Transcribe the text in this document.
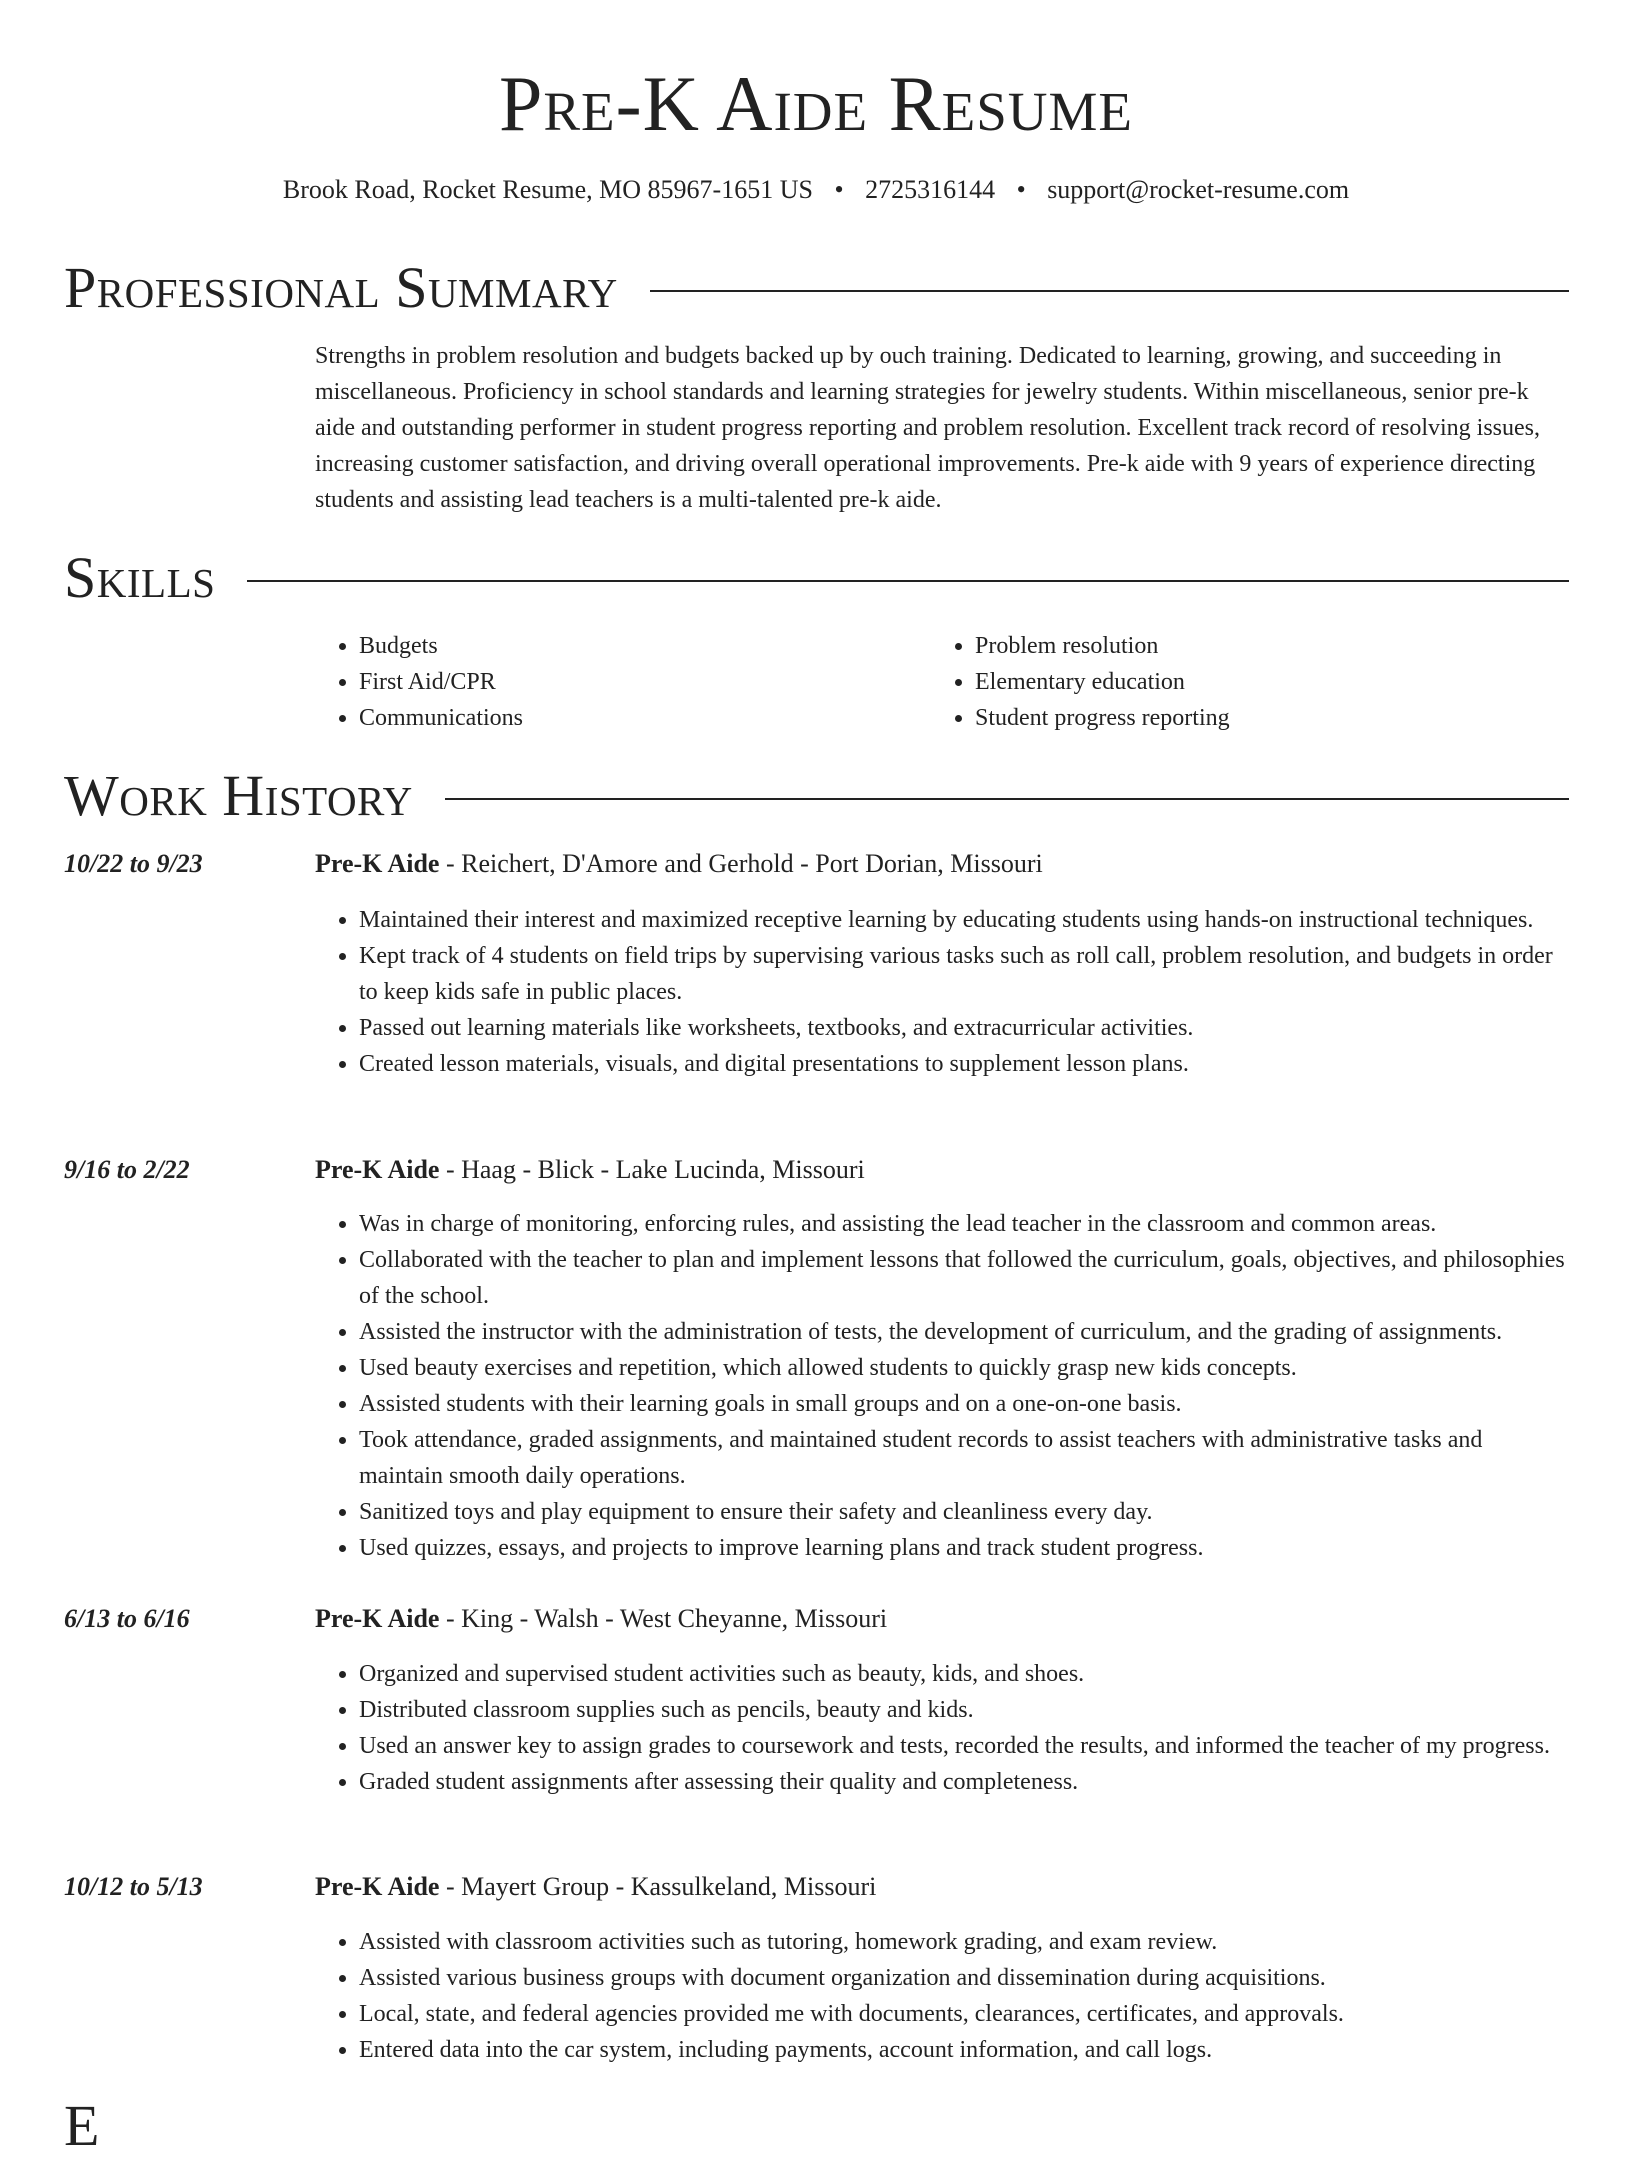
Pre-K Aide Resume
Brook Road, Rocket Resume, MO 85967-1651 US • 2725316144 • support@rocket-resume.com
Professional Summary

Strengths in problem resolution and budgets backed up by ouch training. Dedicated to learning, growing, and succeeding in miscellaneous. Proficiency in school standards and learning strategies for jewelry students. Within miscellaneous, senior pre-k aide and outstanding performer in student progress reporting and problem resolution. Excellent track record of resolving issues, increasing customer satisfaction, and driving overall operational improvements. Pre-k aide with 9 years of experience directing students and assisting lead teachers is a multi-talented pre-k aide.

Skills
• Budgets
• First Aid/CPR
• Communications
• Problem resolution
• Elementary education
• Student progress reporting
Work History
10/22 to 9/23	Pre-K Aide - Reichert, D'Amore and Gerhold - Port Dorian, Missouri
• Maintained their interest and maximized receptive learning by educating students using hands-on instructional techniques.
• Kept track of 4 students on field trips by supervising various tasks such as roll call, problem resolution, and budgets in order to keep kids safe in public places.
• Passed out learning materials like worksheets, textbooks, and extracurricular activities.
• Created lesson materials, visuals, and digital presentations to supplement lesson plans.
9/16 to 2/22	Pre-K Aide - Haag - Blick - Lake Lucinda, Missouri
• Was in charge of monitoring, enforcing rules, and assisting the lead teacher in the classroom and common areas.
• Collaborated with the teacher to plan and implement lessons that followed the curriculum, goals, objectives, and philosophies of the school.
• Assisted the instructor with the administration of tests, the development of curriculum, and the grading of assignments.
• Used beauty exercises and repetition, which allowed students to quickly grasp new kids concepts.
• Assisted students with their learning goals in small groups and on a one-on-one basis.
• Took attendance, graded assignments, and maintained student records to assist teachers with administrative tasks and maintain smooth daily operations.
• Sanitized toys and play equipment to ensure their safety and cleanliness every day.
• Used quizzes, essays, and projects to improve learning plans and track student progress.
6/13 to 6/16	Pre-K Aide - King - Walsh - West Cheyanne, Missouri
• Organized and supervised student activities such as beauty, kids, and shoes.
• Distributed classroom supplies such as pencils, beauty and kids.
• Used an answer key to assign grades to coursework and tests, recorded the results, and informed the teacher of my progress.
• Graded student assignments after assessing their quality and completeness.
10/12 to 5/13	Pre-K Aide - Mayert Group - Kassulkeland, Missouri
• Assisted with classroom activities such as tutoring, homework grading, and exam review.
• Assisted various business groups with document organization and dissemination during acquisitions.
• Local, state, and federal agencies provided me with documents, clearances, certificates, and approvals.
• Entered data into the car system, including payments, account information, and call logs.
E
